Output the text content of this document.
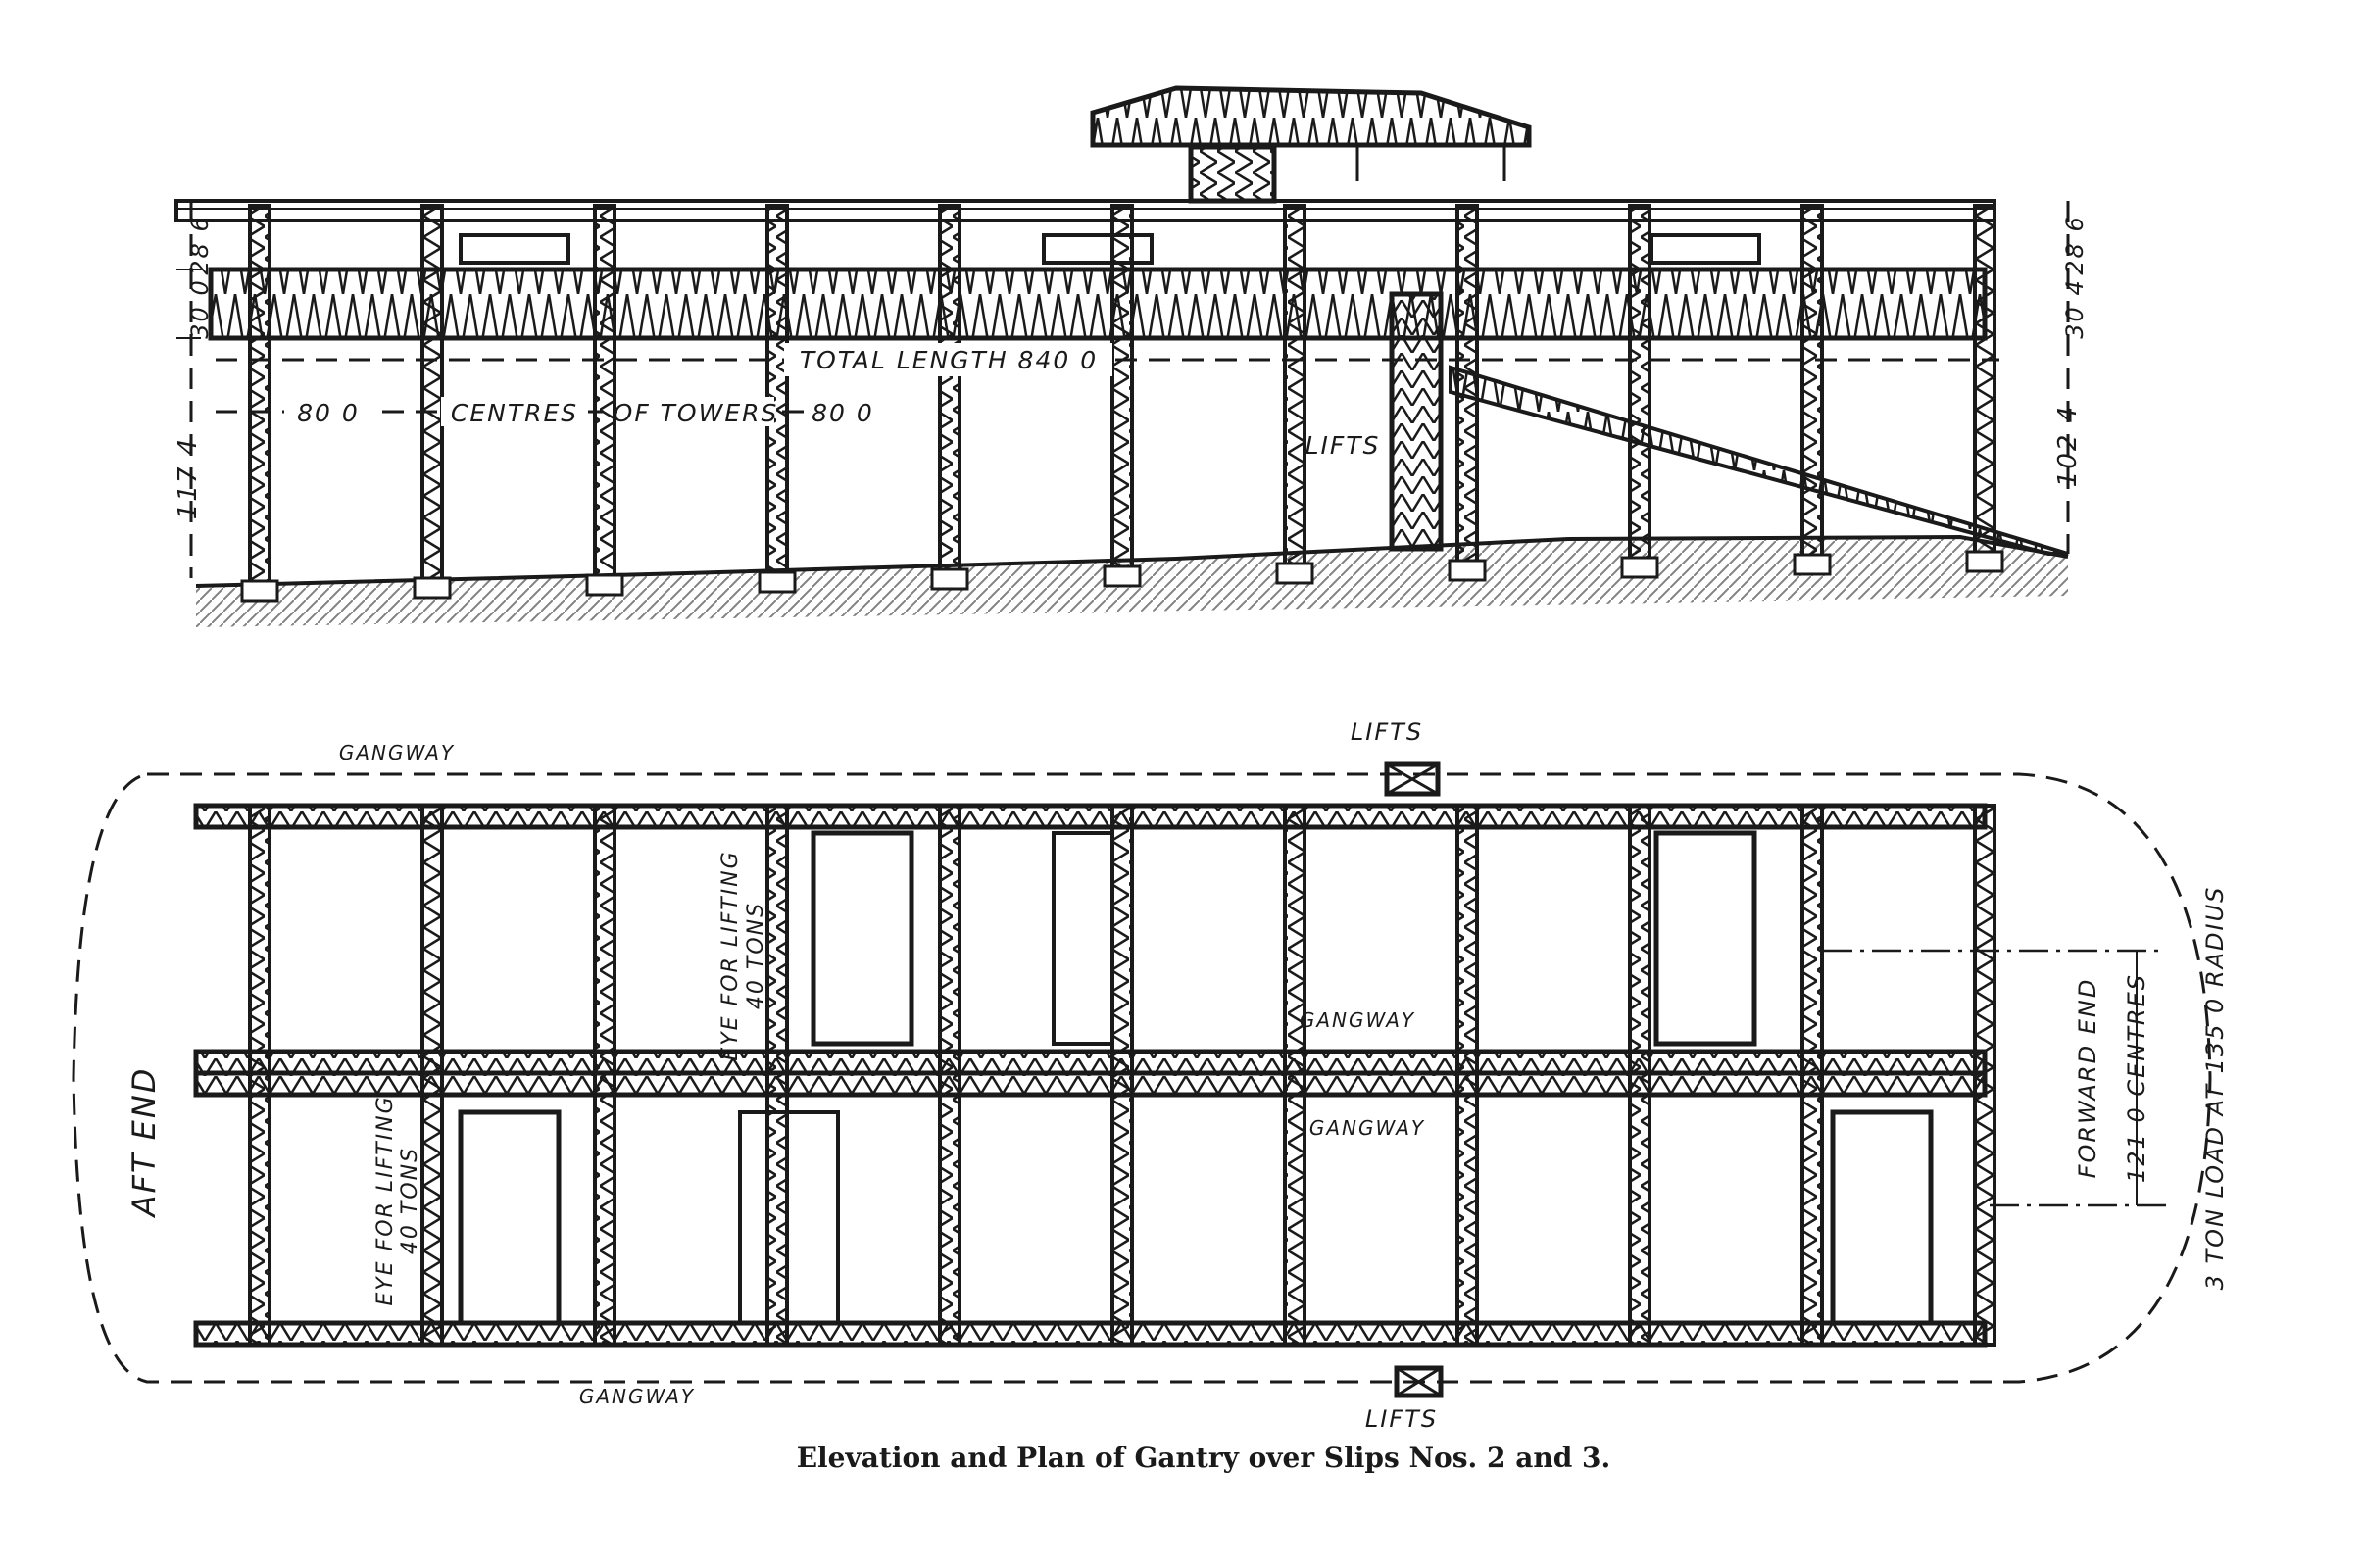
28 6
30 0
117 4
28 6
30 4
102 4
TOTAL LENGTH 840 0
80 0	CENTRES OF TOWERS 80 0
LIFTS
GANGWAY
LIFTS
EYE FOR LIFTING 40 TONS
GANGWAY
GANGWAY
AFT END	EYE FOR LIFTING 40 TONS
FORWARD END 121 0 CENTRES 3 TON LOAD AT 135 0 RADIUS
GANGWAY
LIFTS
Elevation and Plan of Gantry over Slips Nos. 2 and 3.
